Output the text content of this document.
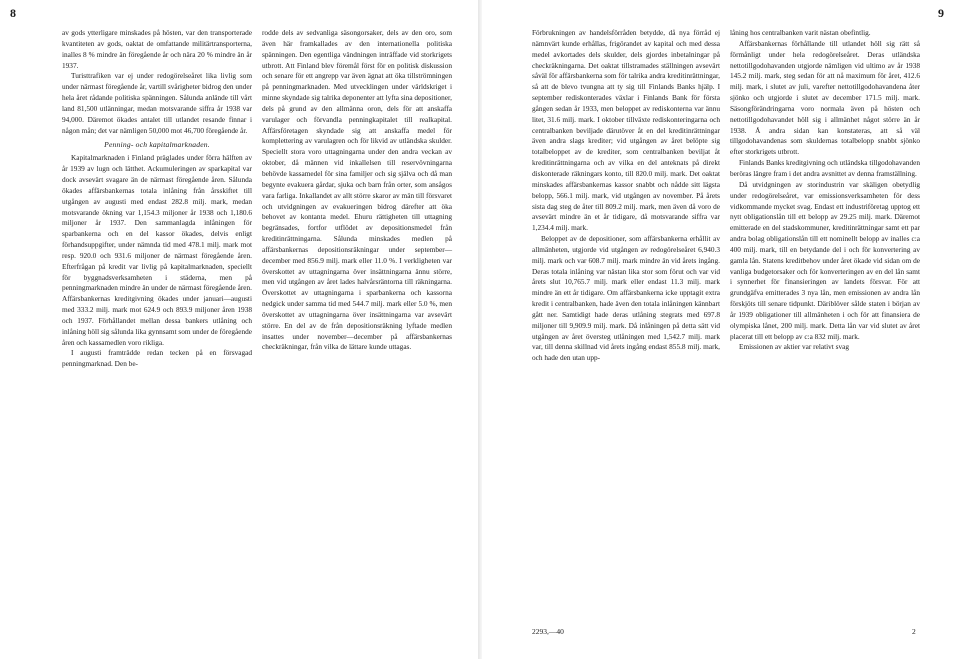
8

av gods ytterligare minskades på hösten, var den transporterade kvantiteten av gods, oaktat de omfattande militärtransporterna, inalles 8 % mindre än föregående år och nära 20 % mindre än år 1937.

Turisttrafiken var ej under redogörelseåret lika livlig som under närmast föregående år, vartill svårigheter bidrog den under hela året rådande politiska spänningen. Sålunda anlände till vårt land 81,500 utlänningar, medan motsvarande siffra år 1938 var 94,000. Däremot ökades antalet till utlandet resande finnar i någon mån; det var nämligen 50,000 mot 46,700 föregående år.

Penning- och kapitalmarknaden.

Kapitalmarknaden i Finland präglades under förra hälften av år 1939 av lugn och lätthet. Ackumuleringen av sparkapital var dock avsevärt svagare än de närmast föregående åren. Sålunda ökades affärsbankernas totala inlåning från årsskiftet till utgången av augusti med endast 282.8 milj. mark, medan motsvarande ökning var 1,154.3 miljoner år 1938 och 1,180.6 miljoner år 1937. Den sammanlagda inlåningen för sparbankerna och en del kassor ökades, delvis enligt förhandsuppgifter, under nämnda tid med 478.1 milj. mark mot resp. 920.0 och 931.6 miljoner de närmast föregående åren. Efterfrågan på kredit var livlig på kapitalmarknaden, speciellt för byggnadsverksamheten i städerna, men på penningmarknaden mindre än under de närmast föregående åren. Affärsbankernas kreditgivning ökades under januari—augusti med 333.2 milj. mark mot 624.9 och 893.9 miljoner åren 1938 och 1937. Förhållandet mellan dessa bankers utlåning och inlåning höll sig sålunda lika gynnsamt som under de föregående åren och kassamedlen voro rikliga.

I augusti framträdde redan tecken på en försvagad penningmarknad. Den be-

rodde dels av sedvanliga säsongorsaker, dels av den oro, som även här framkallades av den internationella politiska spänningen. Den egentliga vändningen inträffade vid storkrigets utbrott. Att Finland blev föremål först för en politisk diskussion och senare för ett angrepp var även ägnat att öka tillströmningen på penningmarknaden. Med utvecklingen under världskriget i minne skyndade sig talrika deponenter att lyfta sina depositioner, dels på grund av den allmänna oron, dels för att anskaffa varulager och förvandla penningkapitalet till realkapital. Affärsföretagen skyndade sig att anskaffa medel för komplettering av varulagren och för likvid av utländska skulder. Speciellt stora voro uttagningarna under den andra veckan av oktober, då männen vid inkallelsen till reservövningarna behövde kassamedel för sina familjer och sig själva och då man begynte evakuera gårdar, sjuka och barn från orter, som ansågos vara farliga. Inkallandet av allt större skaror av män till försvaret och utvidgningen av evakueringen bidrog därefter att öka behovet av kontanta medel. Ehuru rättigheten till uttagning begränsades, fortfor utflödet av depositionsmedel från kreditinrättningarna. Sålunda minskades medlen på affärsbankernas depositionsräkningar under september—december med 856.9 milj. mark eller 11.0 %. I verkligheten var överskottet av uttagningarna över insättningarna ännu större, men vid utgången av året lades halvårsräntorna till räkningarna. Överskottet av uttagningarna i sparbankerna och kassorna nedgick under samma tid med 544.7 milj. mark eller 5.0 %, men överskottet av uttagningarna över insättningarna var avsevärt större. En del av de från depositionsräkning lyftade medlen insattes under november—december på affärsbankernas checkräkningar, från vilka de lättare kunde uttagas.

9

Förbrukningen av handelsförråden betydde, då nya förråd ej nämnvärt kunde erhållas, frigörandet av kapital och med dessa medel avkortades dels skulder, dels gjordes inbetalningar på checkräkningarna. Det oaktat tillstramades ställningen avsevärt såväl för affärsbankerna som för talrika andra kreditinrättningar, så att de blevo tvungna att ty sig till Finlands Banks hjälp. I september rediskonterades växlar i Finlands Bank för första gången sedan år 1933, men beloppet av rediskonterna var ännu litet, 31.6 milj. mark. I oktober tillväxte rediskonteringarna och centralbanken beviljade därutöver åt en del kreditinrättningar även andra slags krediter; vid utgången av året belöpte sig totalbeloppet av de krediter, som centralbanken beviljat åt kreditinrättningarna och av vilka en del anteknats på direkt diskonterade räkningars konto, till 820.0 milj. mark. Det oaktat minskades affärsbankernas kassor snabbt och nådde sitt lägsta belopp, 566.1 milj. mark, vid utgången av november. På årets sista dag steg de åter till 809.2 milj. mark, men även då voro de avsevärt mindre än et år tidigare, då motsvarande siffra var 1,234.4 milj. mark.

Beloppet av de depositioner, som affärsbankerna erhållit av allmänheten, utgjorde vid utgången av redogörelseåret 6,940.3 milj. mark och var 608.7 milj. mark mindre än vid årets ingång. Deras totala inlåning var nästan lika stor som förut och var vid årets slut 10,765.7 milj. mark eller endast 11.3 milj. mark mindre än ett år tidigare. Om affärsbankerna icke upptagit extra kredit i centralbanken, hade även den totala inlåningen kännbart gått ner. Samtidigt hade deras utlåning stegrats med 697.8 miljoner till 9,909.9 milj. mark. Då inlåningen på detta sätt vid utgången av året översteg utlåningen med 1,542.7 milj. mark var, till denna skillnad vid årets ingång endast 855.8 milj. mark, och hade den utan upp-

låning hos centralbanken varit nästan obefintlig.

Affärsbankernas förhållande till utlandet höll sig rätt så förmånligt under hela redogörelseåret. Deras utländska nettotillgodohavanden utgjorde nämligen vid ultimo av år 1938 145.2 milj. mark, steg sedan för att nå maximum för året, 412.6 milj. mark, i slutet av juli, varefter nettotillgodohavandena åter sjönko och utgjorde i slutet av december 171.5 milj. mark. Säsongförändringarna voro normala även på hösten och nettotillgodohavandet höll sig i allmänhet något större än år 1938. Å andra sidan kan konstateras, att så väl tillgodohavandenas som skuldernas totalbelopp snabbt sjönko efter storkrigets utbrott.

Finlands Banks kreditgivning och utländska tillgodohavanden beröras längre fram i det andra avsnittet av denna framställning.

Då utvidgningen av storindustrin var skäligen obetydlig under redogörelseåret, var emissionsverksamheten för dess vidkommande mycket svag. Endast ett industriföretag upptog ett nytt obligationslån till ett belopp av 29.25 milj. mark. Däremot emitterade en del stadskommuner, kreditinrättningar samt ett par andra bolag obligationslån till ett nominellt belopp av inalles c:a 400 milj. mark, till en betydande del i och för konvertering av gamla lån. Statens kreditbehov under året ökade vid sidan om de vanliga budgetorsaker och för konverteringen av en del lån samt i synnerhet för finansieringen av landets försvar. För att grundgäfva emitterades 3 nya lån, men emissionen av andra lån förskjöts till senare tidpunkt. Däriblöver sålde staten i början av år 1939 obligationer till allmänheten i och för att finansiera de olympiska lånet, 200 milj. mark. Detta lån var vid slutet av året placerat till ett belopp av c:a 832 milj. mark.

Emissionen av aktier var relativt svag

2293,—40	2
